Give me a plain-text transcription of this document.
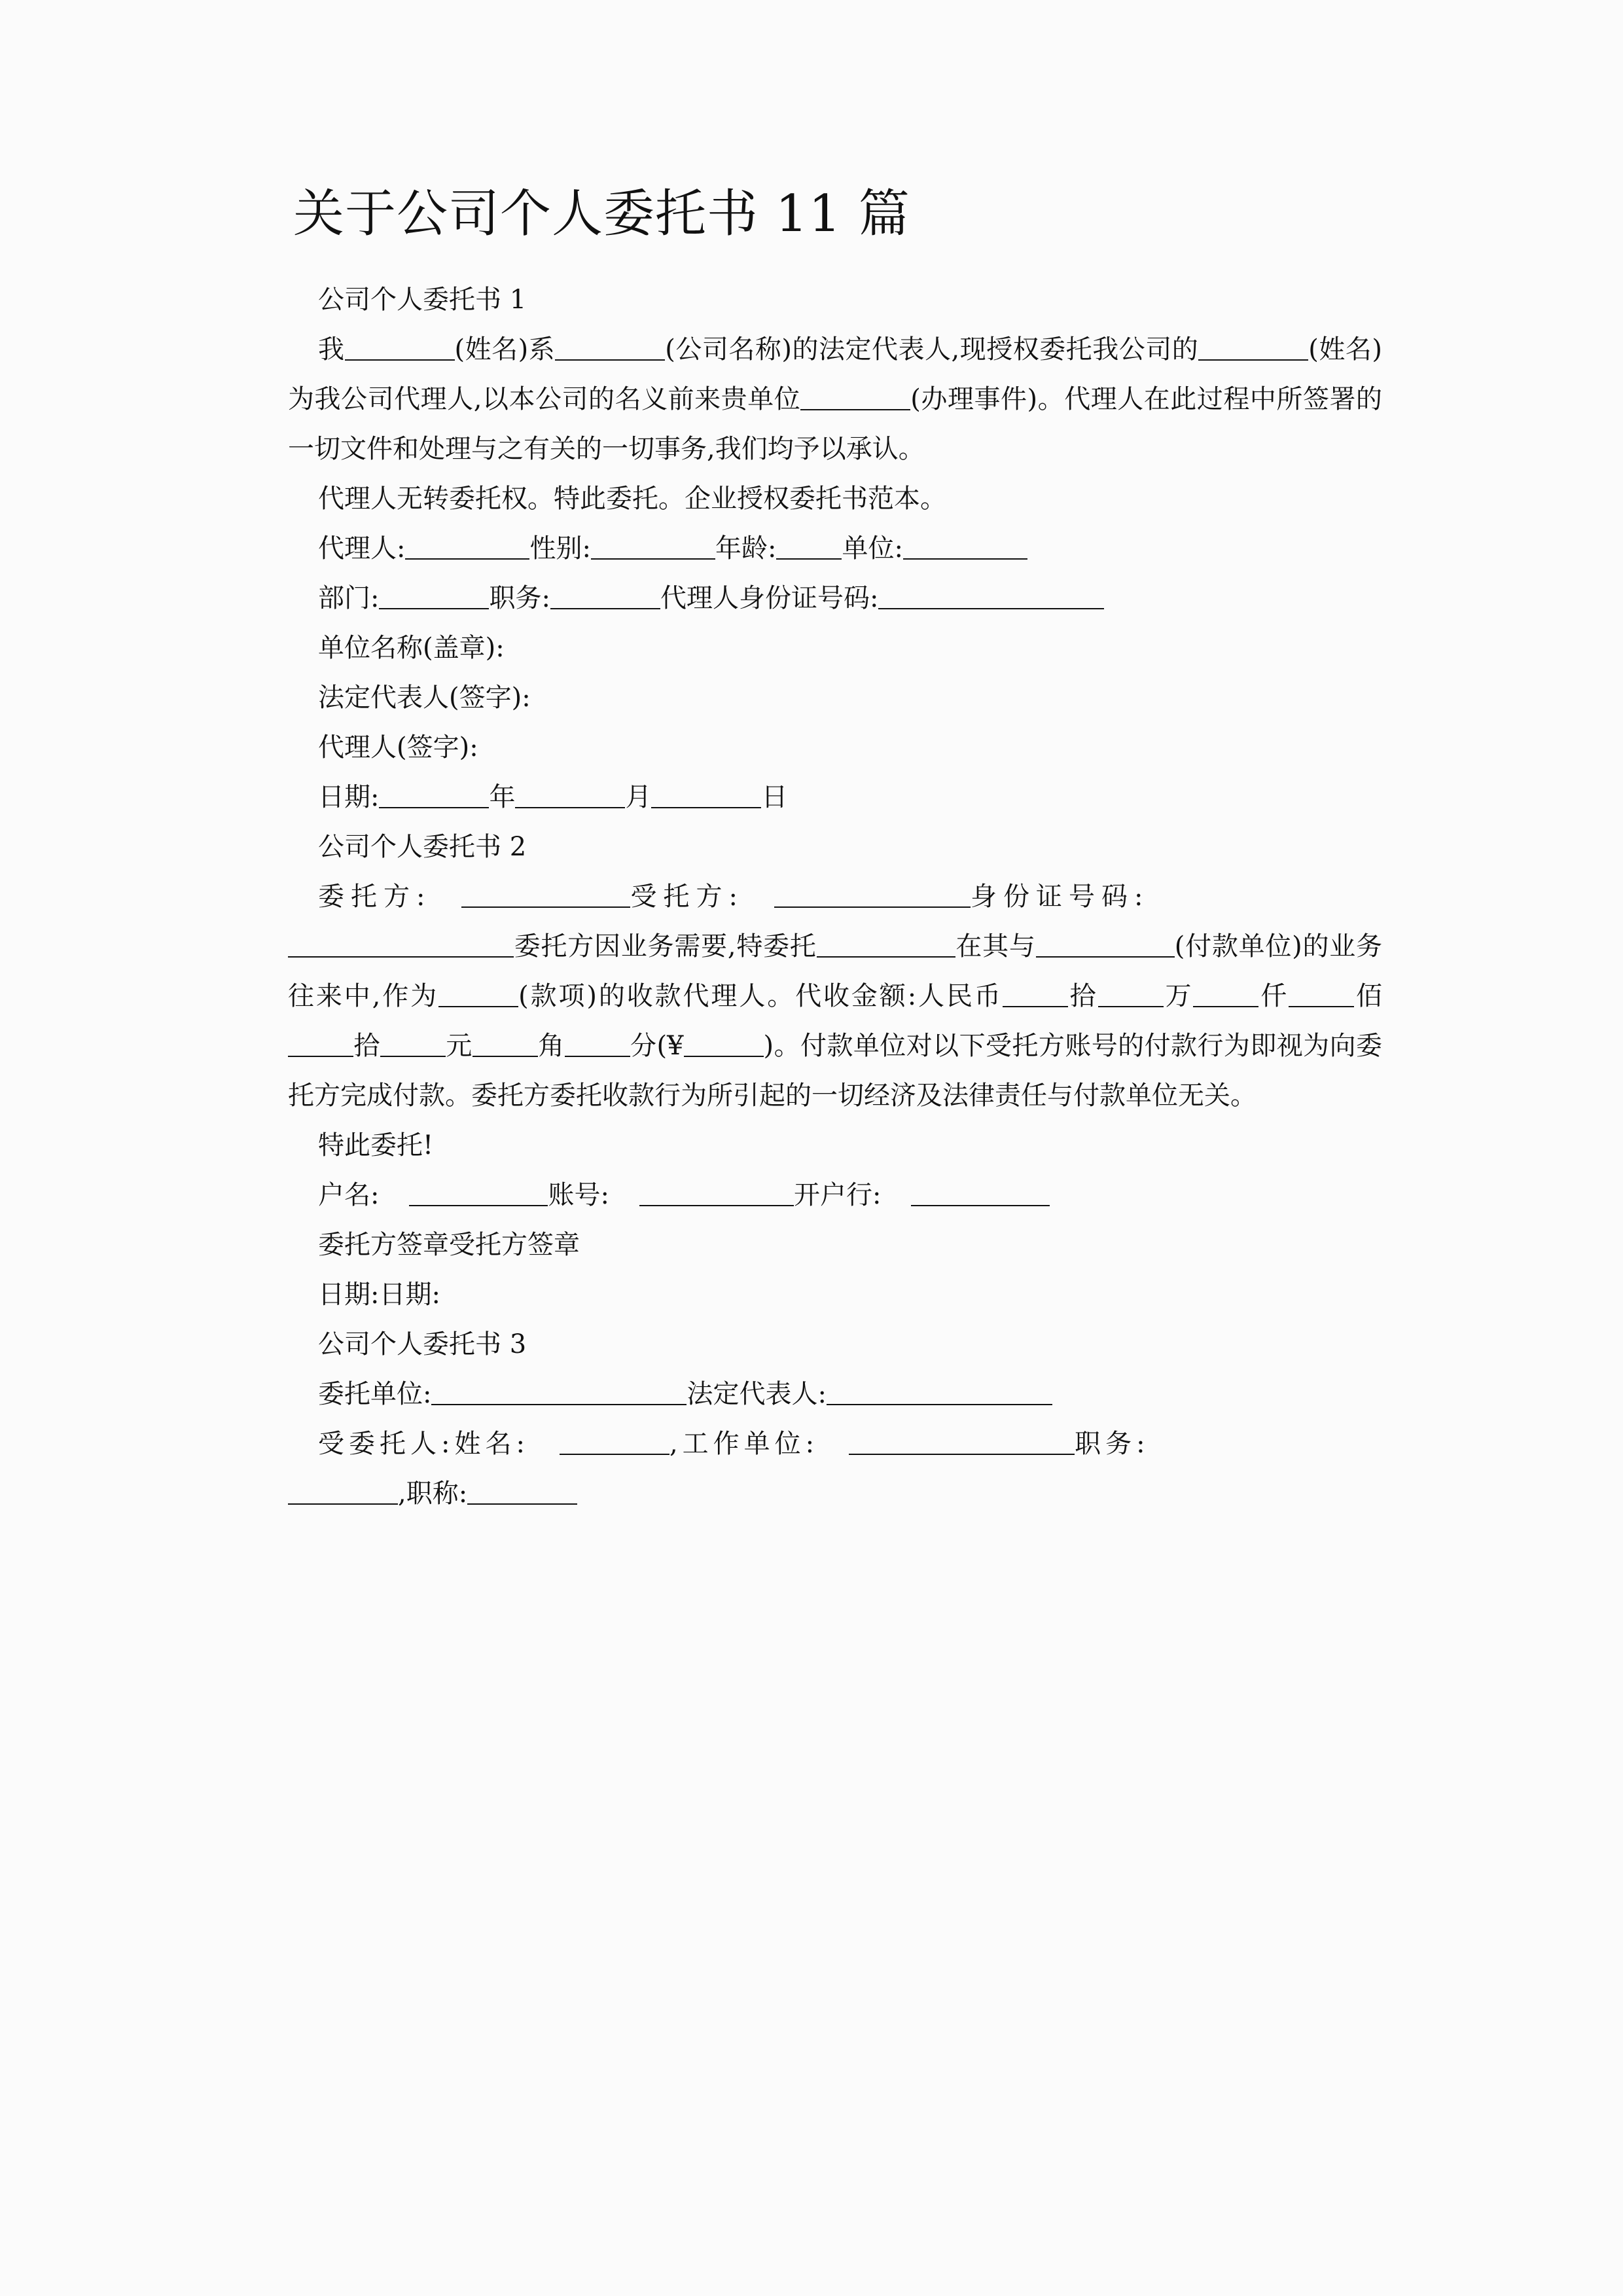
关于公司个人委托书 11 篇

公司个人委托书 1

我	(姓名)系	(公司名称)的法定代表人,现授权委托我公司的	(姓名)为我公司代理人,以本公司的名义前来贵单位	(办理事件)。代理人在此过程中所签署的一切文件和处理与之有关的一切事务,我们均予以承认。

代理人无转委托权。特此委托。企业授权委托书范本。

代理人:	性别:	年龄:	单位:

部门:	职务:	代理人身份证号码:

单位名称(盖章):

法定代表人(签字):

代理人(签字):

日期:	年	月	日

公司个人委托书 2

委托方:	受托方:	身份证号码:

委托方因业务需要,特委托	在其与	(付款单位)的业务往来中,作为	(款项)的收款代理人。代收金额:人民币	拾	万	仟	佰拾	元	角	分(¥	)。付款单位对以下受托方账号的付款行为即视为向委托方完成付款。委托方委托收款行为所引起的一切经济及法律责任与付款单位无关。

特此委托!

户名:	账号:	开户行:

委托方签章受托方签章

日期:日期:

公司个人委托书 3

委托单位:	法定代表人:

受委托人:姓名:	,工作单位:	职务:

,职称:
